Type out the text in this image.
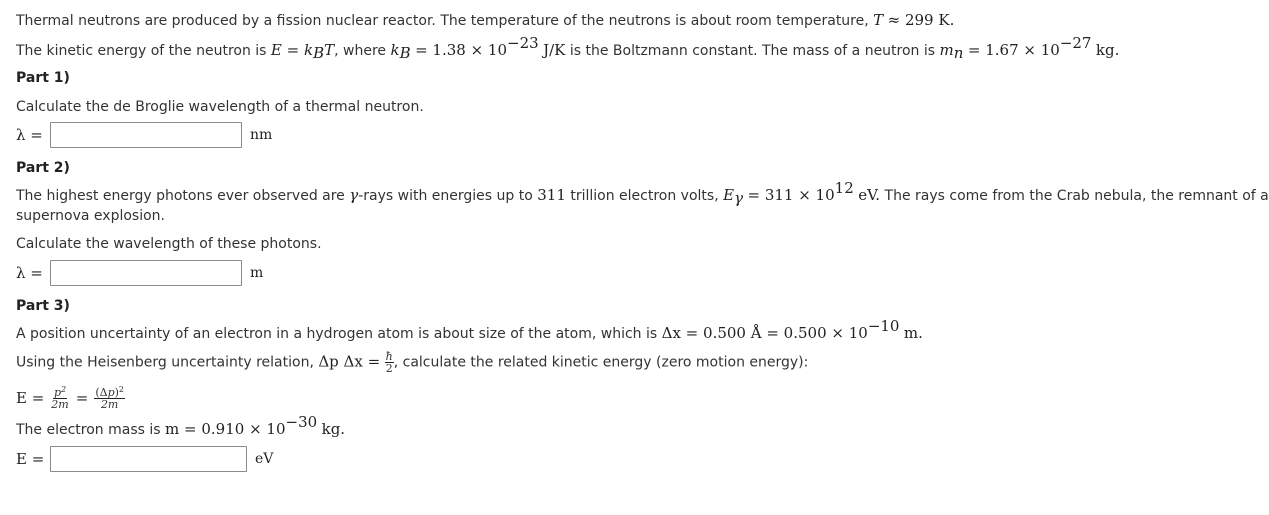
Thermal neutrons are produced by a fission nuclear reactor. The temperature of the neutrons is about room temperature, T ≈ 299 K.
The kinetic energy of the neutron is $E = k_BT$, where $k_B = 1.38 \times 10^{-23}$ J/K is the Boltzmann constant. The mass of a neutron is $m_n = 1.67 \times 10^{-27}$ kg.
Part 1)
Calculate the de Broglie wavelength of a thermal neutron.
λ =	nm
Part 2)
The highest energy photons ever observed are γ-rays with energies up to 311 trillion electron volts, $E_\gamma = 311 \times 10^{12}$ eV. The rays come from the Crab nebula, the remnant of a
supernova explosion.
Calculate the wavelength of these photons.
λ =	m
Part 3)
A position uncertainty of an electron in a hydrogen atom is about size of the atom, which is Δx = 0.500 Å = $0.500 \times 10^{-10}$ m.
Using the Heisenberg uncertainty relation, Δp $\Delta x = \frac{ħ}{2}$ , calculate the related kinetic energy (zero motion energy):
$E = \frac{p^2}{2m} = \frac{(\Delta p)^2}{2m}$
The electron mass is $m = 0.910 \times 10^{-30}$ kg.
E =	eV
